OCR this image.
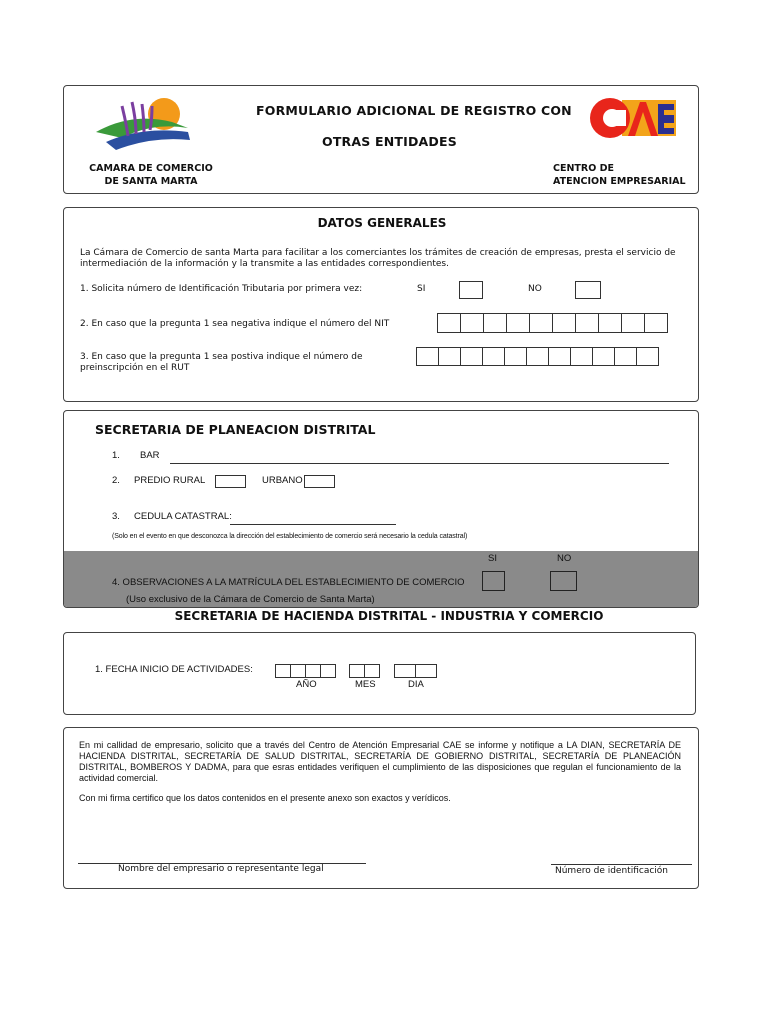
CAMARA DE COMERCIO
DE SANTA MARTA
FORMULARIO ADICIONAL DE REGISTRO CON
OTRAS ENTIDADES
CENTRO DE
ATENCION EMPRESARIAL
DATOS GENERALES
La Cámara de Comercio de santa Marta para facilitar a los comerciantes los trámites de creación de empresas, presta el servicio de intermediación de la información y la transmite a las entidades correspondientes.
1. Solicita número de Identificación Tributaria por primera vez:	SI	NO
2. En caso que la pregunta 1 sea negativa indique el número del NIT
3. En caso que la pregunta 1 sea postiva indique el número de
preinscripción en el RUT
SECRETARIA DE PLANEACION DISTRITAL
1. BAR
2. PREDIO RURAL	URBANO
3. CEDULA CATASTRAL:
(Solo en el evento en que desconozca la dirección del establecimiento de comercio será necesario la cedula catastral)
SI	NO
4. OBSERVACIONES A LA MATRÍCULA DEL ESTABLECIMIENTO DE COMERCIO
(Uso exclusivo de la Cámara de Comercio de Santa Marta)
SECRETARIA DE HACIENDA DISTRITAL - INDUSTRIA Y COMERCIO
1. FECHA INICIO DE ACTIVIDADES:
AÑO	MES	DIA
En mi callidad de empresario, solicito que a través del Centro de Atención Empresarial CAE se informe y notifique a LA DIAN, SECRETARÍA DE HACIENDA DISTRITAL, SECRETARÍA DE SALUD DISTRITAL, SECRETARÍA DE GOBIERNO DISTRITAL, SECRETARÍA DE PLANEACIÓN DISTRITAL, BOMBEROS Y DADMA, para que esras entidades verifiquen el cumplimiento de las disposiciones que regulan el funcionamiento de la actividad comercial.
Con mi firma certifico que los datos contenidos en el presente anexo son exactos y verídicos.
Nombre del empresario o representante legal	Número de identificación
